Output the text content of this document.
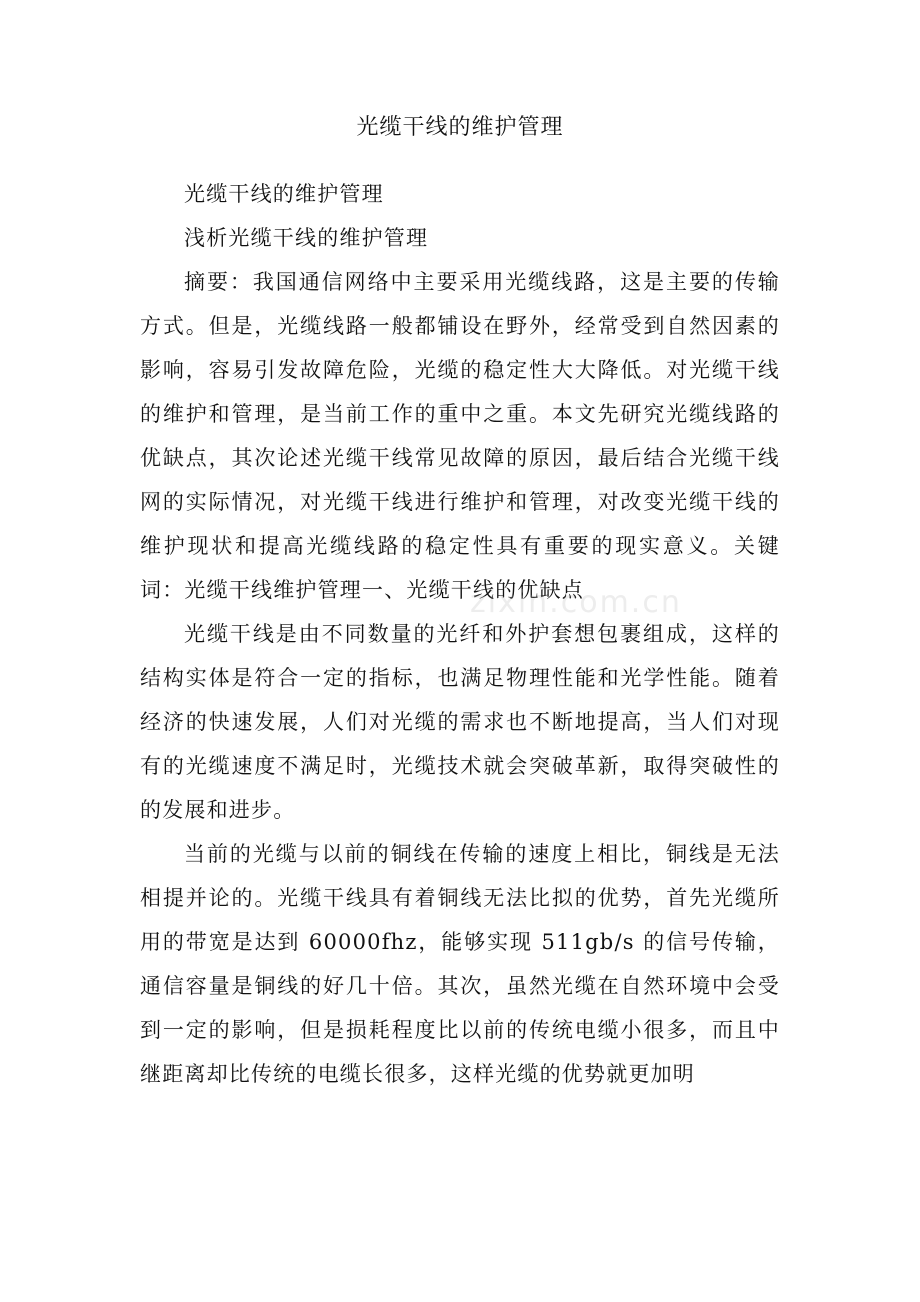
光缆干线的维护管理

光缆干线的维护管理

浅析光缆干线的维护管理

摘要：我国通信网络中主要采用光缆线路，这是主要的传输方式。但是，光缆线路一般都铺设在野外，经常受到自然因素的影响，容易引发故障危险，光缆的稳定性大大降低。对光缆干线的维护和管理，是当前工作的重中之重。本文先研究光缆线路的优缺点，其次论述光缆干线常见故障的原因，最后结合光缆干线网的实际情况，对光缆干线进行维护和管理，对改变光缆干线的维护现状和提高光缆线路的稳定性具有重要的现实意义。关键词：光缆干线维护管理一、光缆干线的优缺点

光缆干线是由不同数量的光纤和外护套想包裹组成，这样的结构实体是符合一定的指标，也满足物理性能和光学性能。随着经济的快速发展，人们对光缆的需求也不断地提高，当人们对现有的光缆速度不满足时，光缆技术就会突破革新，取得突破性的的发展和进步。

当前的光缆与以前的铜线在传输的速度上相比，铜线是无法相提并论的。光缆干线具有着铜线无法比拟的优势，首先光缆所用的带宽是达到 60000fhz，能够实现 511gb/s 的信号传输，通信容量是铜线的好几十倍。其次，虽然光缆在自然环境中会受到一定的影响，但是损耗程度比以前的传统电缆小很多，而且中继距离却比传统的电缆长很多，这样光缆的优势就更加明

zixin.com.cn
